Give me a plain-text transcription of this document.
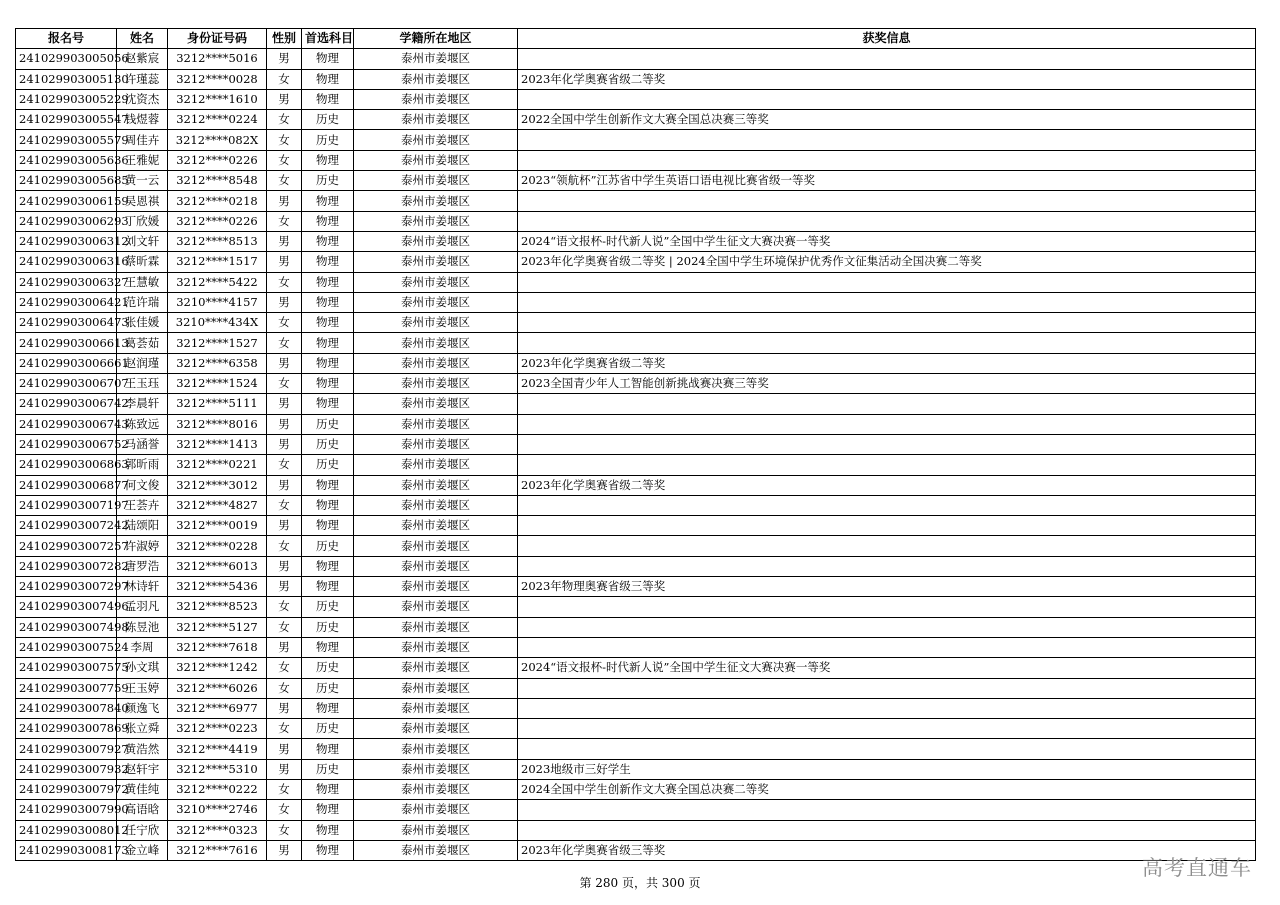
报名号	姓名	身份证号码	性别	首选科目	学籍所在地区	获奖信息
241029903005056	赵紫宸	3212****5016	男	物理	泰州市姜堰区	
241029903005130	许瑾蕊	3212****0028	女	物理	泰州市姜堰区	2023年化学奥赛省级二等奖
241029903005229	沈资杰	3212****1610	男	物理	泰州市姜堰区	
241029903005547	钱煜蓉	3212****0224	女	历史	泰州市姜堰区	2022全国中学生创新作文大赛全国总决赛三等奖
241029903005579	周佳卉	3212****082X	女	历史	泰州市姜堰区	
241029903005636	王雅妮	3212****0226	女	物理	泰州市姜堰区	
241029903005685	黄一云	3212****8548	女	历史	泰州市姜堰区	2023“领航杯”江苏省中学生英语口语电视比赛省级一等奖
241029903006159	吴恩祺	3212****0218	男	物理	泰州市姜堰区	
241029903006293	丁欣媛	3212****0226	女	物理	泰州市姜堰区	
241029903006312	刘文轩	3212****8513	男	物理	泰州市姜堰区	2024“语文报杯-时代新人说”全国中学生征文大赛决赛一等奖
241029903006316	蔡昕霖	3212****1517	男	物理	泰州市姜堰区	2023年化学奥赛省级二等奖 | 2024全国中学生环境保护优秀作文征集活动全国决赛二等奖
241029903006327	王慧敏	3212****5422	女	物理	泰州市姜堰区	
241029903006421	范许瑞	3210****4157	男	物理	泰州市姜堰区	
241029903006473	张佳媛	3210****434X	女	物理	泰州市姜堰区	
241029903006613	葛荟茹	3212****1527	女	物理	泰州市姜堰区	
241029903006661	赵润瑾	3212****6358	男	物理	泰州市姜堰区	2023年化学奥赛省级二等奖
241029903006707	王玉珏	3212****1524	女	物理	泰州市姜堰区	2023全国青少年人工智能创新挑战赛决赛三等奖
241029903006742	李晨轩	3212****5111	男	物理	泰州市姜堰区	
241029903006743	陈致远	3212****8016	男	历史	泰州市姜堰区	
241029903006752	马涵誉	3212****1413	男	历史	泰州市姜堰区	
241029903006863	郭昕雨	3212****0221	女	历史	泰州市姜堰区	
241029903006877	何文俊	3212****3012	男	物理	泰州市姜堰区	2023年化学奥赛省级二等奖
241029903007197	王荟卉	3212****4827	女	物理	泰州市姜堰区	
241029903007242	陆颂阳	3212****0019	男	物理	泰州市姜堰区	
241029903007257	许淑婷	3212****0228	女	历史	泰州市姜堰区	
241029903007282	唐罗浩	3212****6013	男	物理	泰州市姜堰区	
241029903007297	林诗轩	3212****5436	男	物理	泰州市姜堰区	2023年物理奥赛省级三等奖
241029903007496	孟羽凡	3212****8523	女	历史	泰州市姜堰区	
241029903007498	陈昱池	3212****5127	女	历史	泰州市姜堰区	
241029903007524	李周	3212****7618	男	物理	泰州市姜堰区	
241029903007575	孙文琪	3212****1242	女	历史	泰州市姜堰区	2024“语文报杯-时代新人说”全国中学生征文大赛决赛一等奖
241029903007759	王玉婷	3212****6026	女	历史	泰州市姜堰区	
241029903007840	颜逸飞	3212****6977	男	物理	泰州市姜堰区	
241029903007869	张立舜	3212****0223	女	历史	泰州市姜堰区	
241029903007927	黄浩然	3212****4419	男	物理	泰州市姜堰区	
241029903007932	赵轩宇	3212****5310	男	历史	泰州市姜堰区	2023地级市三好学生
241029903007972	黄佳纯	3212****0222	女	物理	泰州市姜堰区	2024全国中学生创新作文大赛全国总决赛二等奖
241029903007990	高语晗	3210****2746	女	物理	泰州市姜堰区	
241029903008012	任宁欣	3212****0323	女	物理	泰州市姜堰区	
241029903008173	金立峰	3212****7616	男	物理	泰州市姜堰区	2023年化学奥赛省级三等奖
第 280 页，共 300 页
高考直通车
